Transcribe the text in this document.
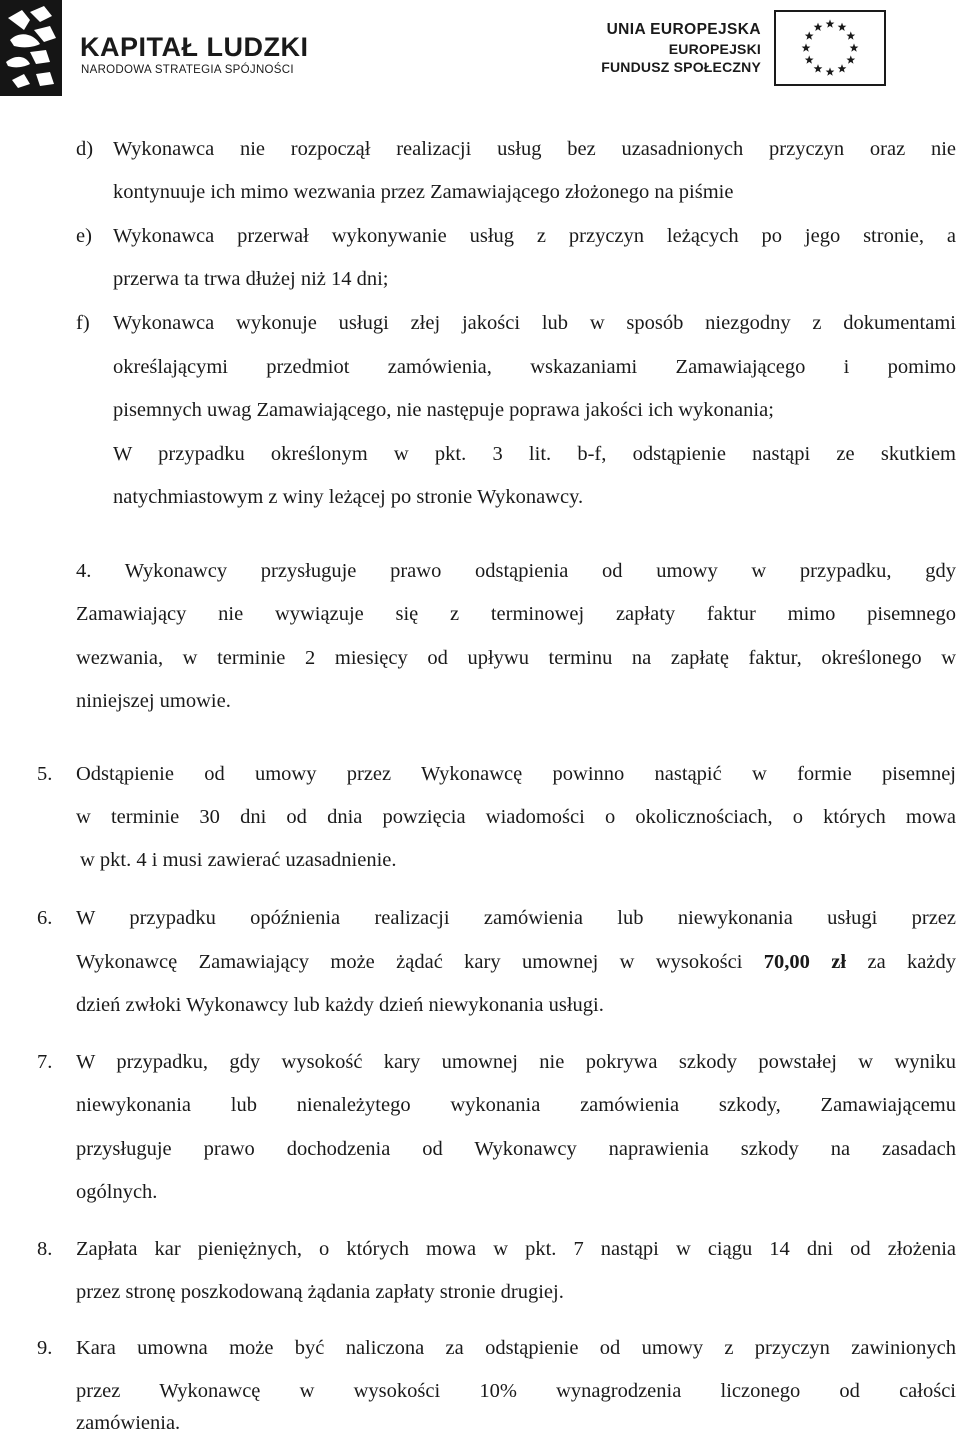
KAPITAŁ LUDZKI
NARODOWA STRATEGIA SPÓJNOŚCI
UNIA EUROPEJSKA
EUROPEJSKI
FUNDUSZ SPOŁECZNY
d) Wykonawca nie rozpoczął realizacji usług bez uzasadnionych przyczyn oraz nie
kontynuuje ich mimo wezwania przez Zamawiającego złożonego na piśmie
e) Wykonawca przerwał wykonywanie usług z przyczyn leżących po jego stronie, a
przerwa ta trwa dłużej niż 14 dni;
f) Wykonawca wykonuje usługi złej jakości lub w sposób niezgodny z dokumentami
określającymi przedmiot zamówienia, wskazaniami Zamawiającego i pomimo
pisemnych uwag Zamawiającego, nie następuje poprawa jakości ich wykonania;
W przypadku określonym w pkt. 3 lit. b-f, odstąpienie nastąpi ze skutkiem
natychmiastowym z winy leżącej po stronie Wykonawcy.
4. Wykonawcy przysługuje prawo odstąpienia od umowy w przypadku, gdy
Zamawiający nie wywiązuje się z terminowej zapłaty faktur mimo pisemnego
wezwania, w terminie 2 miesięcy od upływu terminu na zapłatę faktur, określonego w
niniejszej umowie.
5. Odstąpienie od umowy przez Wykonawcę powinno nastąpić w formie pisemnej
w terminie 30 dni od dnia powzięcia wiadomości o okolicznościach, o których mowa
w pkt. 4 i musi zawierać uzasadnienie.
6. W przypadku opóźnienia realizacji zamówienia lub niewykonania usługi przez
Wykonawcę Zamawiający może żądać kary umownej w wysokości 70,00 zł za każdy
dzień zwłoki Wykonawcy lub każdy dzień niewykonania usługi.
7. W przypadku, gdy wysokość kary umownej nie pokrywa szkody powstałej w wyniku
niewykonania lub nienależytego wykonania zamówienia szkody, Zamawiającemu
przysługuje prawo dochodzenia od Wykonawcy naprawienia szkody na zasadach
ogólnych.
8. Zapłata kar pieniężnych, o których mowa w pkt. 7 nastąpi w ciągu 14 dni od złożenia
przez stronę poszkodowaną żądania zapłaty stronie drugiej.
9. Kara umowna może być naliczona za odstąpienie od umowy z przyczyn zawinionych
przez Wykonawcę w wysokości 10% wynagrodzenia liczonego od całości
zamówienia.
